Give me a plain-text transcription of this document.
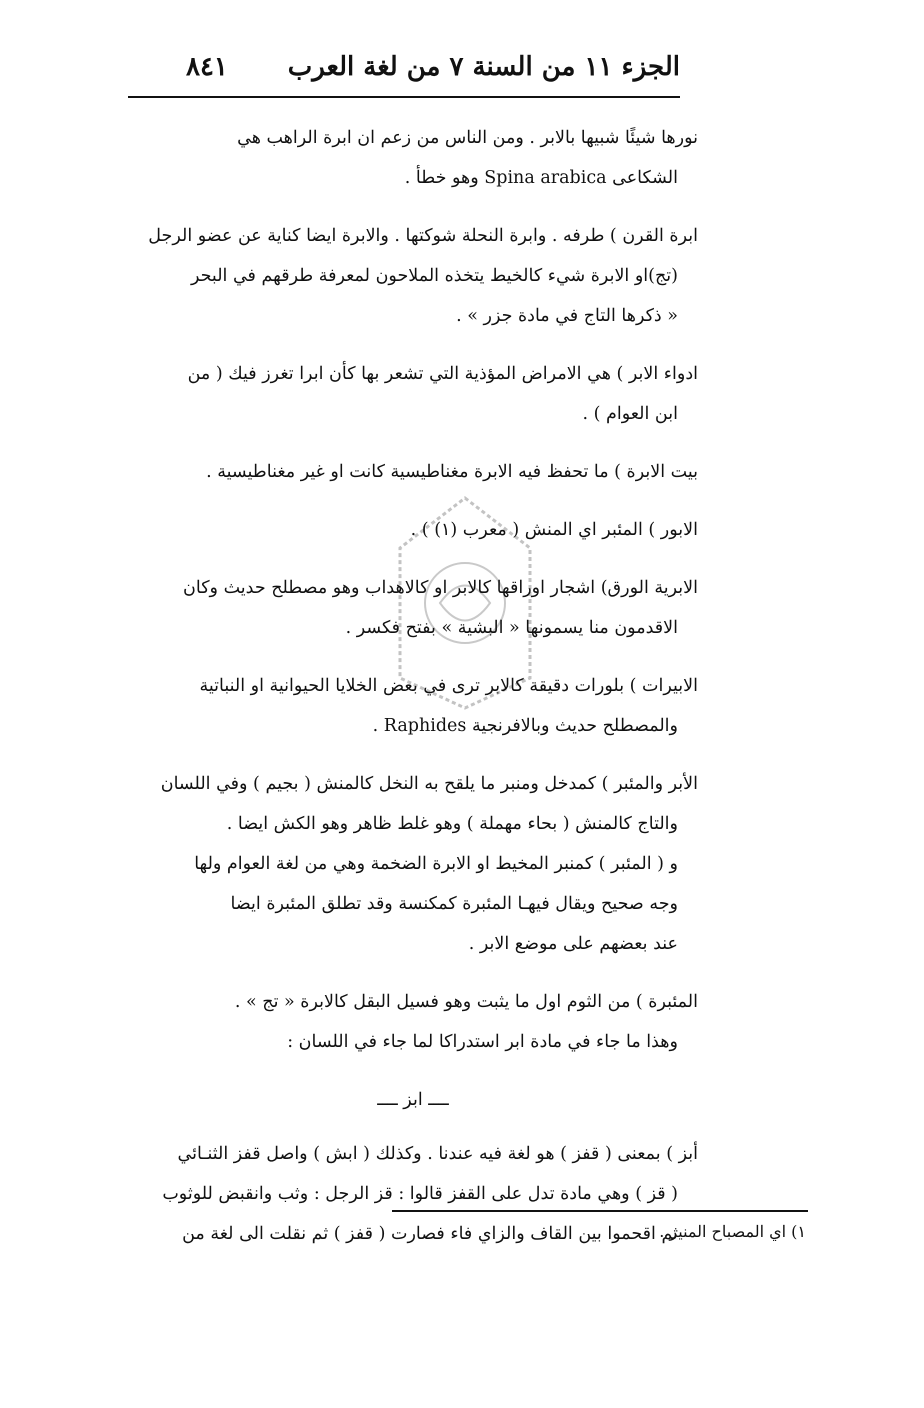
الجزء ١١ من السنة ٧ من لغة العرب
٨٤١

نورها شيئًا شبيها بالابر . ومن الناس من زعم ان ابرة الراهب هي

الشكاعى Spina arabica وهو خطأ .

ابرة القرن ) طرفه . وابرة النحلة شوكتها . والابرة ايضا كناية عن عضو الرجل

(تج)او الابرة شيء كالخيط يتخذه الملاحون لمعرفة طرقهم في البحر

« ذكرها التاج في مادة جزر » .

ادواء الابر ) هي الامراض المؤذية التي تشعر بها كأن ابرا تغرز فيك ( من

ابن العوام ) .

بيت الابرة ) ما تحفظ فيه الابرة مغناطيسية كانت او غير مغناطيسية .

الابور ) المئبر اي المنش ( معرب (١) ) .

الابرية الورق) اشجار اوراقها كالابر او كالاهداب وهو مصطلح حديث وكان

الاقدمون منا يسمونها « البشية » بفتح فكسر .

الابيرات ) بلورات دقيقة كالابر ترى في بعض الخلايا الحيوانية او النباتية

والمصطلح حديث وبالافرنجية Raphides .

الأبر والمئبر ) كمدخل ومنبر ما يلقح به النخل كالمنش ( بجيم ) وفي اللسان

والتاج كالمنش ( بحاء مهملة ) وهو غلط ظاهر وهو الكش ايضا .

و ( المئبر ) كمنبر المخيط او الابرة الضخمة وهي من لغة العوام ولها

وجه صحيح ويقال فيهـا المئبرة كمكنسة وقد تطلق المئبرة ايضا

عند بعضهم على موضع الابر .

المئبرة ) من الثوم اول ما يثبت وهو فسيل البقل كالابرة « تج » .

وهذا ما جاء في مادة ابر استدراكا لما جاء في اللسان :

ــــ ابز ــــ

أبز ) بمعنى ( قفز ) هو لغة فيه عندنا . وكذلك ( ابش ) واصل قفز الثنـائي

( قز ) وهي مادة تدل على القفز قالوا : قز الرجل : وثب وانقبض للوثوب

ثم اقحموا بين القاف والزاي فاء فصارت ( قفز ) ثم نقلت الى لغة من

١) اي المصباح المنير .
